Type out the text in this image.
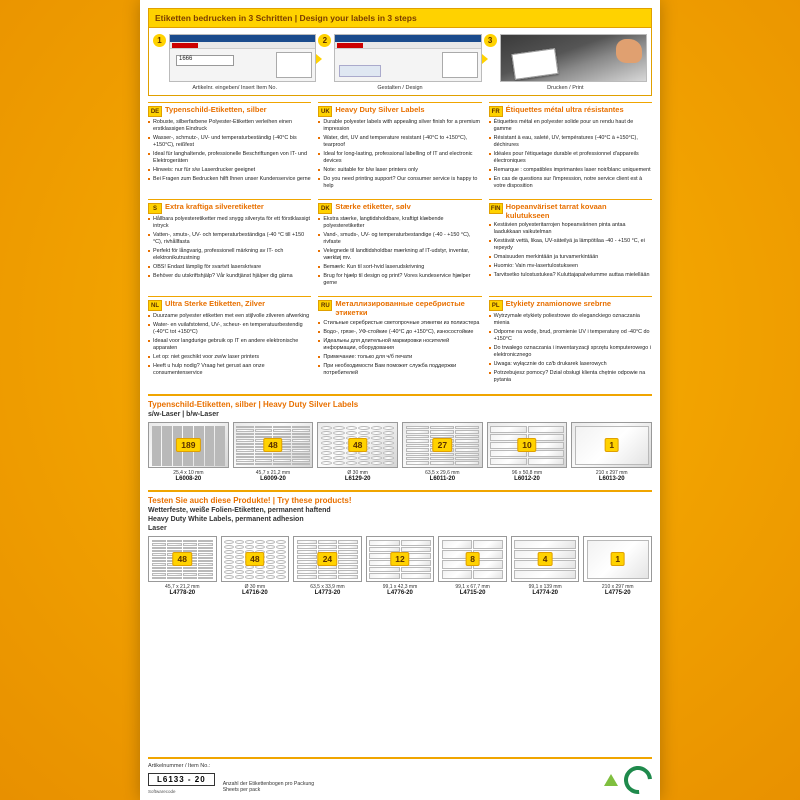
Etiketten bedrucken in 3 Schritten | Design your labels in 3 steps
1
1666
Artikelnr. eingeben/ Insert Item No.
2
Gestalten / Design
3
Drucken / Print
DE Typenschild-Etiketten, silber
Robuste, silberfarbene Polyester-Etiketten verleihen einen erstklassigen Eindruck
Wasser-, schmutz-, UV- und temperaturbeständig (-40°C bis +150°C), reißfest
Ideal für langhaltende, professionelle Beschriftungen von IT- und Elektrogeräten
Hinweis: nur für s/w Laserdrucker geeignet
Bei Fragen zum Bedrucken hilft Ihnen unser Kundenservice gerne
UK Heavy Duty Silver Labels
Durable polyester labels with appealing silver finish for a premium impression
Water, dirt, UV and temperature resistant (-40°C to +150°C), tearproof
Ideal for long-lasting, professional labelling of IT and electronic devices
Note: suitable for b/w laser printers only
Do you need printing support? Our consumer service is happy to help
FR Étiquettes métal ultra résistantes
Étiquettes métal en polyester solide pour un rendu haut de gamme
Résistant à eau, saleté, UV, températures (-40°C à +150°C), déchirures
Idéales pour l'étiquetage durable et professionnel d'appareils électroniques
Remarque : compatibles imprimantes laser noir/blanc uniquement
En cas de questions sur l'impression, notre service client est à votre disposition
S	Extra kraftiga silveretiketter
Hållbara polyesteretiketter med snygg silveryta för ett förstklassigt intryck
Vatten-, smuts-, UV- och temperaturbeständiga (-40 °C till +150 °C), rivhållfasta
Perfekt för långvarig, professionell märkning av IT- och elektronikutrustning
OBS! Endast lämplig för svartvit laserskrivare
Behöver du utskriftshjälp? Vår kundtjänst hjälper dig gärna
DK Stærke etiketter, sølv
Ekstra stærke, langtidsholdbare, kraftigt klæbende polyesteretiketter
Vand-, smuds-, UV- og temperaturbestandige (-40 - +150 °C), rivfaste
Velegnede til landtidsholdbar mærkning af IT-udstyr, inventar, værktøj mv.
Bemærk: Kun til sort-hvid laserudskrivning
Brug for hjælp til design og print? Vores kundeservice hjælper gerne
FIN Hopeanväriset tarrat kovaan kulutukseen
Kestävien polyesteritarrojen hopeanvärinen pinta antaa laadukkaan vaikutelman
Kestävät vettä, likaa, UV-säteilyä ja lämpötilaa -40 - +150 °C, ei repeydy
Omaisuuden merkintään ja turvamerkintään
Huomio: Vain mv-lasertulostukseen
Tarvitsetko tulostustukea? Kuluttajapalvelumme auttaa mielellään
NL Ultra Sterke Etiketten, Zilver
Duurzame polyester etiketten met een stijlvolle zilveren afwerking
Water- en vuilafstotend, UV-, scheur- en temperatuurbestendig (-40°C tot +150°C)
Ideaal voor langdurige gebruik op IT en andere elektronische apparaten
Let op: niet geschikt voor zw/w laser printers
Heeft u hulp nodig? Vraag het gerust aan onze consumentenservice
RU Металлизированные серебристые этикетки
Стильные серебристые светопрочные этикетки из полиэстера
Водо-, грязе-, УФ-стойкие (-40°C до +150°C), износостойкие
Идеальны для длительной маркировки носителей информации, оборудования
Примечание: только для ч/б печати
При необходимости Вам поможет служба поддержки потребителей
PL Etykiety znamionowe srebrne
Wytrzymałe etykiety poliestrowe do eleganckiego oznaczania mienia
Odporne na wodę, brud, promienie UV i temperaturę od -40°C do +150°C
Do trwałego oznaczania i inwentaryzacji sprzętu komputerowego i elektronicznego
Uwaga: wyłącznie do cz/b drukarek laserowych
Potrzebujesz pomocy? Dział obsługi klienta chętnie odpowie na pytania
Typenschild-Etiketten, silber | Heavy Duty Silver Labels
s/w-Laser | b/w-Laser
189
25,4 x 10 mm
L6008-20
48
45,7 x 21,2 mm
L6009-20
48
Ø 30 mm
L6129-20
27
63,5 x 29,6 mm
L6011-20
10
96 x 50,8 mm
L6012-20
1
210 x 297 mm
L6013-20
Testen Sie auch diese Produkte! | Try these products!
Wetterfeste, weiße Folien-Etiketten, permanent haftend
Heavy Duty White Labels, permanent adhesion
Laser
48
45,7 x 21,2 mm
L4778-20
48
Ø 30 mm
L4716-20
24
63,5 x 33,9 mm
L4773-20
12
99,1 x 42,3 mm
L4776-20
8
99,1 x 67,7 mm
L4715-20
4
99,1 x 139 mm
L4774-20
1
210 x 297 mm
L4775-20
Artikelnummer / Item No.:
L6133 - 20
Softwarecode
Anzahl der Etikettenbogen pro Packung
Sheets per pack
